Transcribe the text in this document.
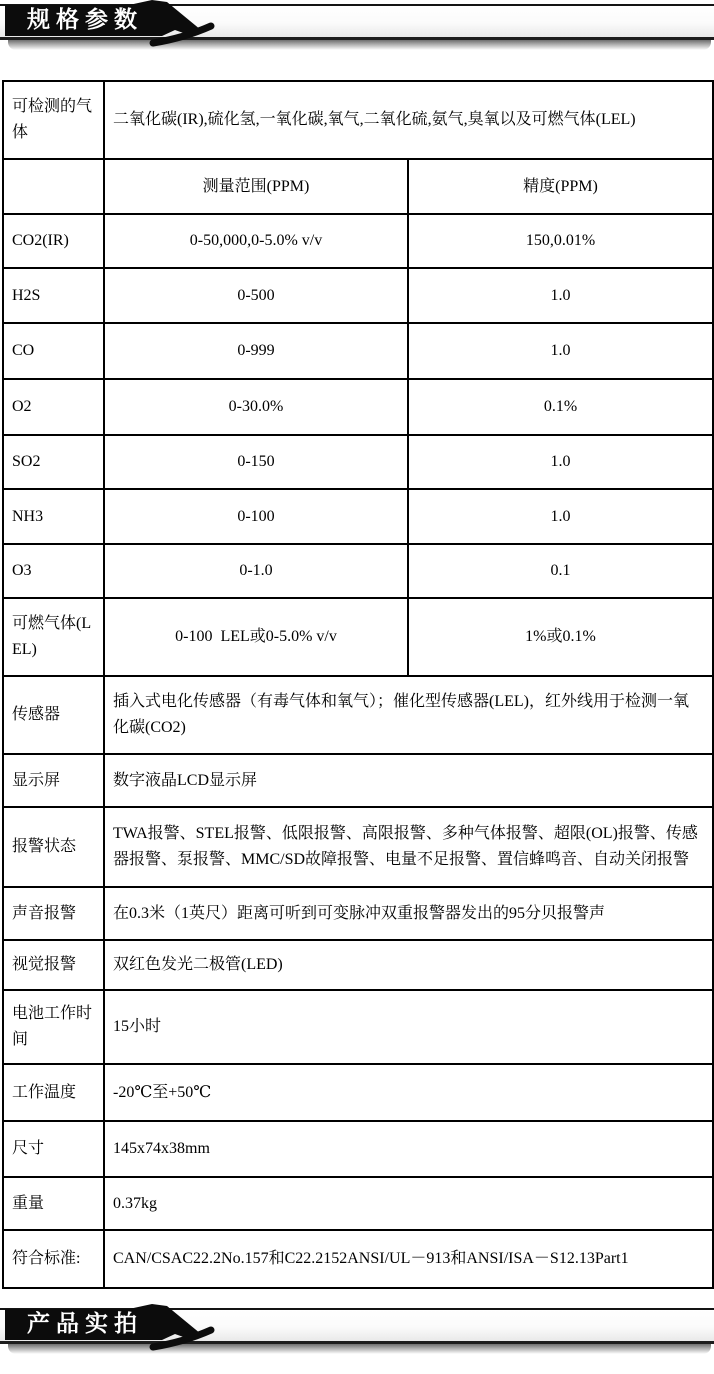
规格参数
可检测的气体	二氧化碳(IR),硫化氢,一氧化碳,氧气,二氧化硫,氨气,臭氧以及可燃气体(LEL)	
	测量范围(PPM)	精度(PPM)
CO2(IR)	0-50,000,0-5.0% v/v	150,0.01%
H2S	0-500	1.0
CO	0-999	1.0
O2	0-30.0%	0.1%
SO2	0-150	1.0
NH3	0-100	1.0
O3	0-1.0	0.1
可燃气体(LEL)	0-100  LEL或0-5.0% v/v	1%或0.1%
传感器	插入式电化传感器（有毒气体和氧气）；催化型传感器(LEL)，红外线用于检测一氧化碳(CO2)	
显示屏	数字液晶LCD显示屏	
报警状态	TWA报警、STEL报警、低限报警、高限报警、多种气体报警、超限(OL)报警、传感器报警、泵报警、MMC/SD故障报警、电量不足报警、置信蜂鸣音、自动关闭报警	
声音报警	在0.3米（1英尺）距离可听到可变脉冲双重报警器发出的95分贝报警声	
视觉报警	双红色发光二极管(LED)	
电池工作时间	15小时	
工作温度	-20℃至+50℃	
尺寸	145x74x38mm	
重量	0.37kg	
符合标准:	CAN/CSAC22.2No.157和C22.2152ANSI/UL－913和ANSI/ISA－S12.13Part1	
产品实拍
